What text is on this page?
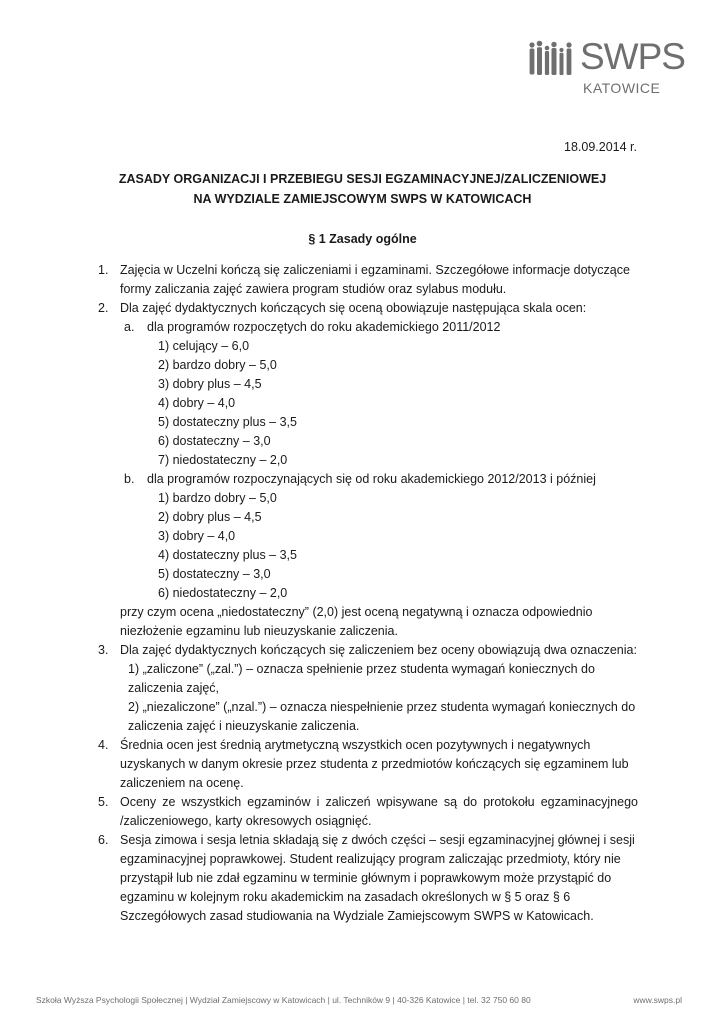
SWPS
KATOWICE
18.09.2014 r.
ZASADY ORGANIZACJI I PRZEBIEGU SESJI EGZAMINACYJNEJ/ZALICZENIOWEJ
NA WYDZIALE ZAMIEJSCOWYM SWPS W KATOWICACH
§ 1 Zasady ogólne
1. Zajęcia w Uczelni kończą się zaliczeniami i egzaminami. Szczegółowe informacje dotyczące
formy zaliczania zajęć zawiera program studiów oraz sylabus modułu.
2. Dla zajęć dydaktycznych kończących się oceną obowiązuje następująca skala ocen:
a. dla programów rozpoczętych do roku akademickiego 2011/2012
1) celujący – 6,0
2) bardzo dobry – 5,0
3) dobry plus – 4,5
4) dobry – 4,0
5) dostateczny plus – 3,5
6) dostateczny – 3,0
7) niedostateczny – 2,0
b. dla programów rozpoczynających się od roku akademickiego 2012/2013 i później
1) bardzo dobry – 5,0
2) dobry plus – 4,5
3) dobry – 4,0
4) dostateczny plus – 3,5
5) dostateczny – 3,0
6) niedostateczny – 2,0
przy czym ocena „niedostateczny” (2,0) jest oceną negatywną i oznacza odpowiednio
niezłożenie egzaminu lub nieuzyskanie zaliczenia.
3. Dla zajęć dydaktycznych kończących się zaliczeniem bez oceny obowiązują dwa oznaczenia:
1) „zaliczone” („zal.”) – oznacza spełnienie przez studenta wymagań koniecznych do
zaliczenia zajęć,
2) „niezaliczone” („nzal.”) – oznacza niespełnienie przez studenta wymagań koniecznych do
zaliczenia zajęć i nieuzyskanie zaliczenia.
4. Średnia ocen jest średnią arytmetyczną wszystkich ocen pozytywnych i negatywnych
uzyskanych w danym okresie przez studenta z przedmiotów kończących się egzaminem lub
zaliczeniem na ocenę.
5. Oceny ze wszystkich egzaminów i zaliczeń wpisywane są do protokołu egzaminacyjnego
/zaliczeniowego, karty okresowych osiągnięć.
6. Sesja zimowa i sesja letnia składają się z dwóch części – sesji egzaminacyjnej głównej i sesji
egzaminacyjnej poprawkowej. Student realizujący program zaliczając przedmioty, który nie
przystąpił lub nie zdał egzaminu w terminie głównym i poprawkowym może przystąpić do
egzaminu w kolejnym roku akademickim na zasadach określonych w § 5 oraz § 6
Szczegółowych zasad studiowania na Wydziale Zamiejscowym SWPS w Katowicach.
Szkoła Wyższa Psychologii Społecznej | Wydział Zamiejscowy w Katowicach | ul. Techników 9 | 40-326 Katowice | tel. 32 750 60 80	www.swps.pl
